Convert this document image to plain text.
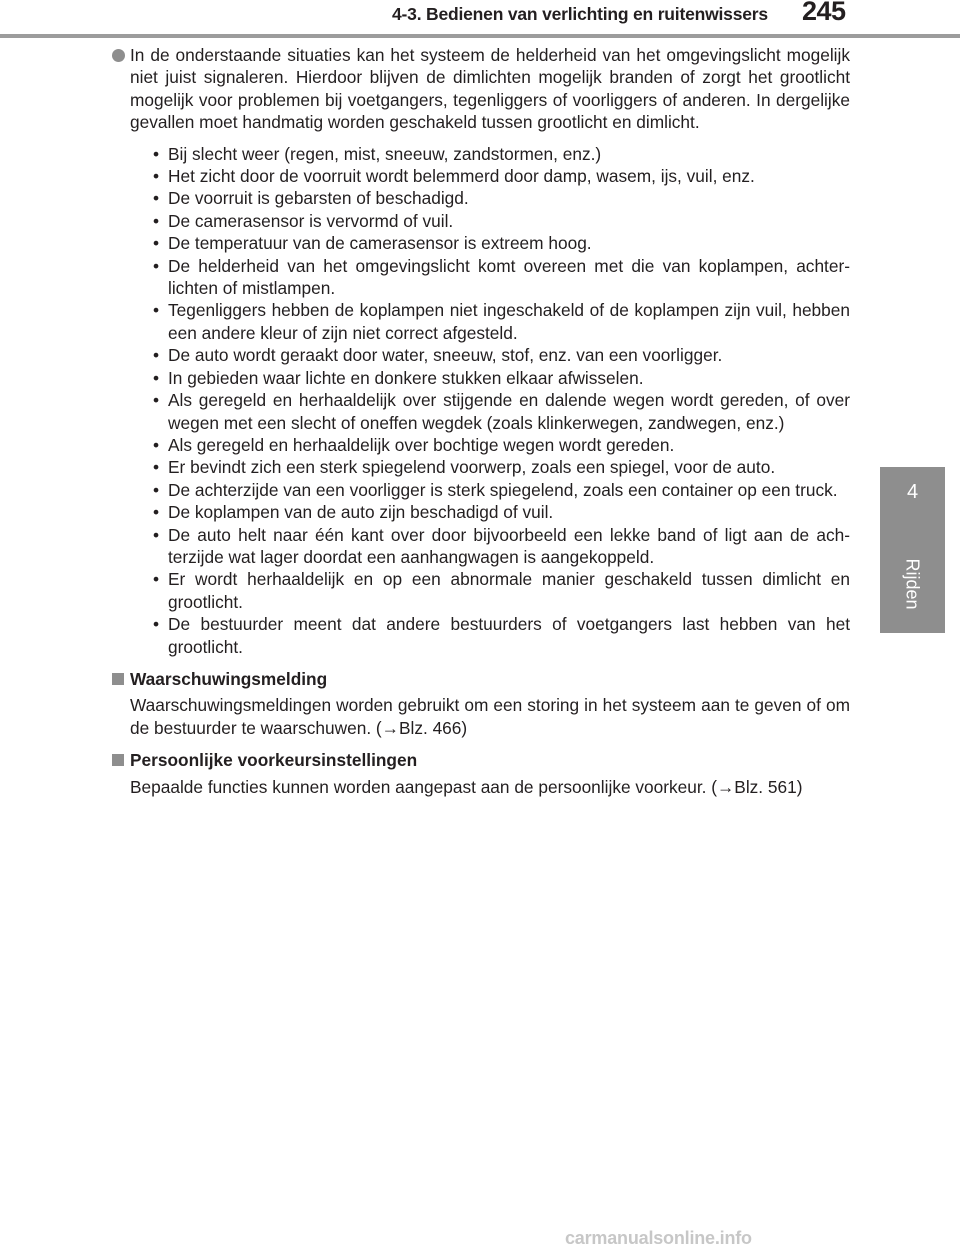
4-3. Bedienen van verlichting en ruitenwissers 245
4
Rijden
In de onderstaande situaties kan het systeem de helderheid van het omgevingslicht mogelijk niet juist signaleren. Hierdoor blijven de dimlichten mogelijk branden of zorgt het grootlicht mogelijk voor problemen bij voetgangers, tegenliggers of voorliggers of anderen. In dergelijke gevallen moet handmatig worden geschakeld tussen grootlicht en dimlicht.
• Bij slecht weer (regen, mist, sneeuw, zandstormen, enz.)
• Het zicht door de voorruit wordt belemmerd door damp, wasem, ijs, vuil, enz.
• De voorruit is gebarsten of beschadigd.
• De camerasensor is vervormd of vuil.
• De temperatuur van de camerasensor is extreem hoog.
• De helderheid van het omgevingslicht komt overeen met die van koplampen, achterlichten of mistlampen.
• Tegenliggers hebben de koplampen niet ingeschakeld of de koplampen zijn vuil, hebben een andere kleur of zijn niet correct afgesteld.
• De auto wordt geraakt door water, sneeuw, stof, enz. van een voorligger.
• In gebieden waar lichte en donkere stukken elkaar afwisselen.
• Als geregeld en herhaaldelijk over stijgende en dalende wegen wordt gereden, of over wegen met een slecht of oneffen wegdek (zoals klinkerwegen, zandwegen, enz.)
• Als geregeld en herhaaldelijk over bochtige wegen wordt gereden.
• Er bevindt zich een sterk spiegelend voorwerp, zoals een spiegel, voor de auto.
• De achterzijde van een voorligger is sterk spiegelend, zoals een container op een truck.
• De koplampen van de auto zijn beschadigd of vuil.
• De auto helt naar één kant over door bijvoorbeeld een lekke band of ligt aan de achterzijde wat lager doordat een aanhangwagen is aangekoppeld.
• Er wordt herhaaldelijk en op een abnormale manier geschakeld tussen dimlicht en grootlicht.
• De bestuurder meent dat andere bestuurders of voetgangers last hebben van het grootlicht.
Waarschuwingsmelding
Waarschuwingsmeldingen worden gebruikt om een storing in het systeem aan te geven of om de bestuurder te waarschuwen. (→Blz. 466)
Persoonlijke voorkeursinstellingen
Bepaalde functies kunnen worden aangepast aan de persoonlijke voorkeur. (→Blz. 561)
carmanualsonline.info
